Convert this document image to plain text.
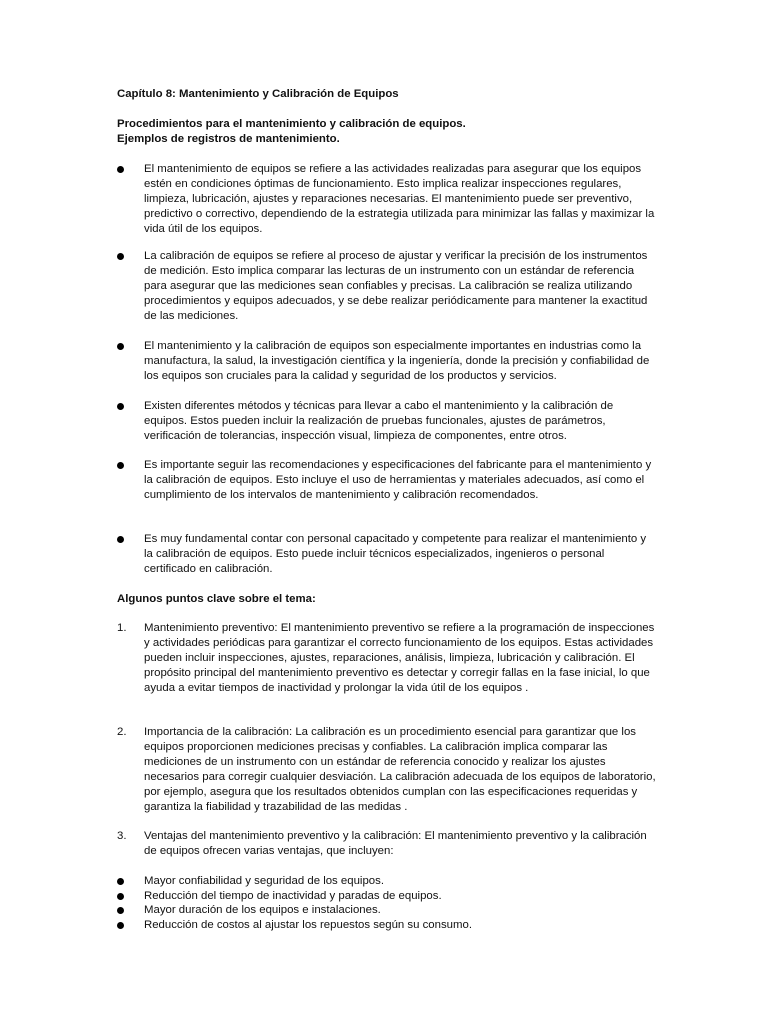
Capítulo 8: Mantenimiento y Calibración de Equipos
Procedimientos para el mantenimiento y calibración de equipos.
Ejemplos de registros de mantenimiento.
El mantenimiento de equipos se refiere a las actividades realizadas para asegurar que los equipos estén en condiciones óptimas de funcionamiento. Esto implica realizar inspecciones regulares, limpieza, lubricación, ajustes y reparaciones necesarias. El mantenimiento puede ser preventivo, predictivo o correctivo, dependiendo de la estrategia utilizada para minimizar las fallas y maximizar la vida útil de los equipos.
La calibración de equipos se refiere al proceso de ajustar y verificar la precisión de los instrumentos de medición. Esto implica comparar las lecturas de un instrumento con un estándar de referencia para asegurar que las mediciones sean confiables y precisas. La calibración se realiza utilizando procedimientos y equipos adecuados, y se debe realizar periódicamente para mantener la exactitud de las mediciones.
El mantenimiento y la calibración de equipos son especialmente importantes en industrias como la manufactura, la salud, la investigación científica y la ingeniería, donde la precisión y confiabilidad de los equipos son cruciales para la calidad y seguridad de los productos y servicios.
Existen diferentes métodos y técnicas para llevar a cabo el mantenimiento y la calibración de equipos. Estos pueden incluir la realización de pruebas funcionales, ajustes de parámetros, verificación de tolerancias, inspección visual, limpieza de componentes, entre otros.
Es importante seguir las recomendaciones y especificaciones del fabricante para el mantenimiento y la calibración de equipos. Esto incluye el uso de herramientas y materiales adecuados, así como el cumplimiento de los intervalos de mantenimiento y calibración recomendados.
Es muy fundamental contar con personal capacitado y competente para realizar el mantenimiento y la calibración de equipos. Esto puede incluir técnicos especializados, ingenieros o personal certificado en calibración.
Algunos puntos clave sobre el tema:
1.	Mantenimiento preventivo: El mantenimiento preventivo se refiere a la programación de inspecciones y actividades periódicas para garantizar el correcto funcionamiento de los equipos. Estas actividades pueden incluir inspecciones, ajustes, reparaciones, análisis, limpieza, lubricación y calibración. El propósito principal del mantenimiento preventivo es detectar y corregir fallas en la fase inicial, lo que ayuda a evitar tiempos de inactividad y prolongar la vida útil de los equipos .
2.	Importancia de la calibración: La calibración es un procedimiento esencial para garantizar que los equipos proporcionen mediciones precisas y confiables. La calibración implica comparar las mediciones de un instrumento con un estándar de referencia conocido y realizar los ajustes necesarios para corregir cualquier desviación. La calibración adecuada de los equipos de laboratorio, por ejemplo, asegura que los resultados obtenidos cumplan con las especificaciones requeridas y garantiza la fiabilidad y trazabilidad de las medidas .
3.	Ventajas del mantenimiento preventivo y la calibración: El mantenimiento preventivo y la calibración de equipos ofrecen varias ventajas, que incluyen:
Mayor confiabilidad y seguridad de los equipos.
Reducción del tiempo de inactividad y paradas de equipos.
Mayor duración de los equipos e instalaciones.
Reducción de costos al ajustar los repuestos según su consumo.
